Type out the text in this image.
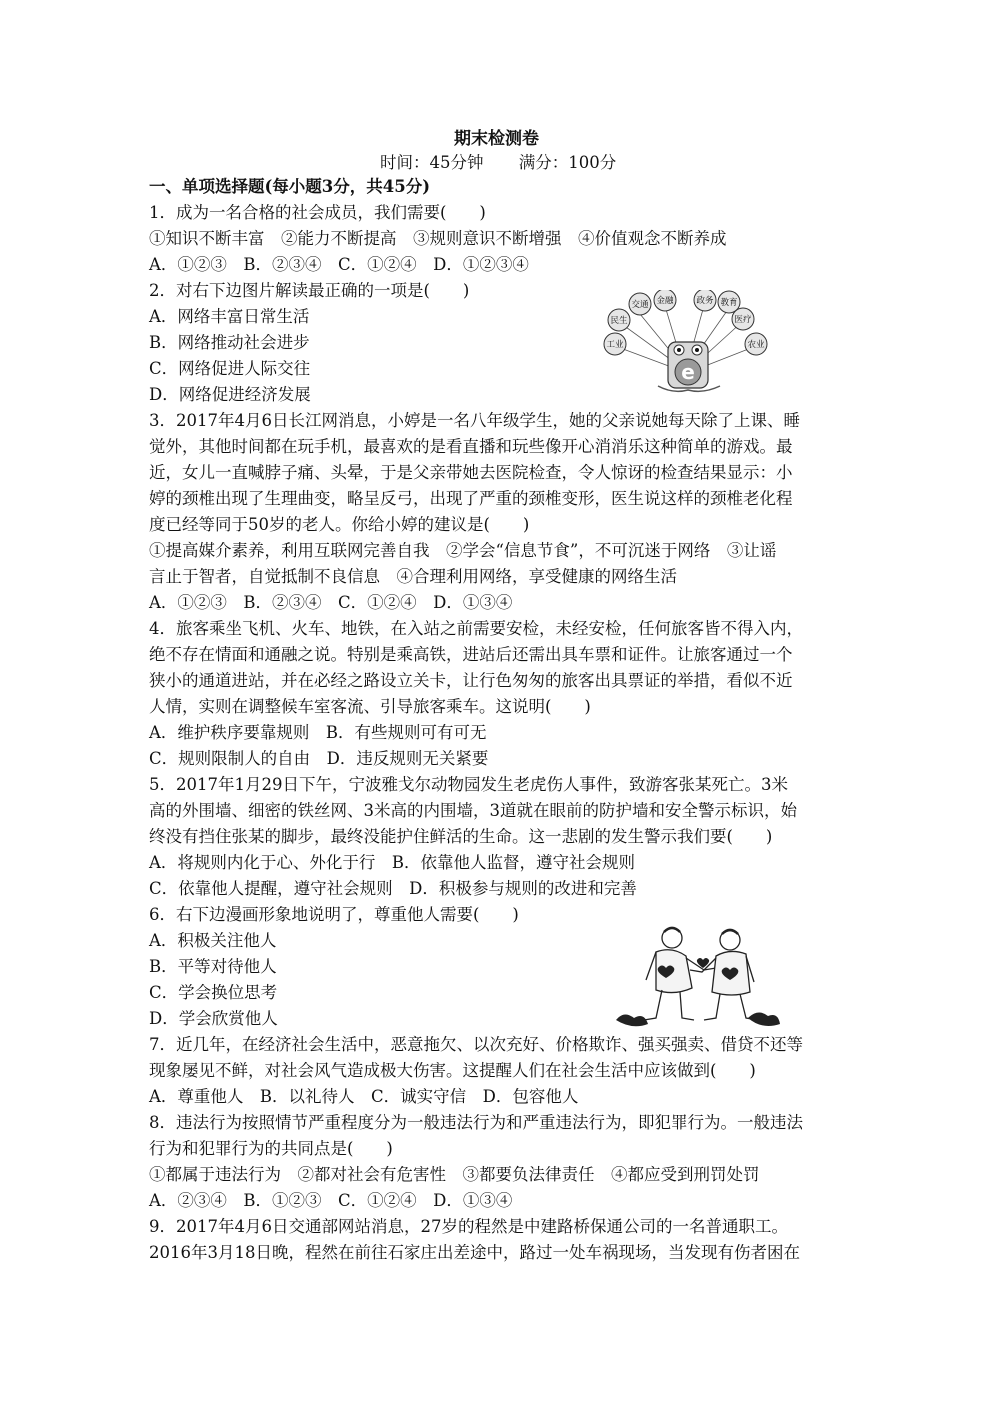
期末检测卷
时间：45分钟 满分：100分
一、单项选择题(每小题3分，共45分)
1．成为一名合格的社会成员，我们需要(　　)
①知识不断丰富　②能力不断提高　③规则意识不断增强　④价值观念不断养成
A．①②③　B．②③④　C．①②④　D．①②③④
2．对右下边图片解读最正确的一项是(　　)
A．网络丰富日常生活
B．网络推动社会进步
C．网络促进人际交往
D．网络促进经济发展
交通 金融	政务 教育
民生	医疗
工业	农业
e
3．2017年4月6日长江网消息，小婷是一名八年级学生，她的父亲说她每天除了上课、睡
觉外，其他时间都在玩手机，最喜欢的是看直播和玩些像开心消消乐这种简单的游戏。最
近，女儿一直喊脖子痛、头晕，于是父亲带她去医院检查，令人惊讶的检查结果显示：小
婷的颈椎出现了生理曲变，略呈反弓，出现了严重的颈椎变形，医生说这样的颈椎老化程
度已经等同于50岁的老人。你给小婷的建议是(　　)
①提高媒介素养，利用互联网完善自我　②学会“信息节食”，不可沉迷于网络　③让谣
言止于智者，自觉抵制不良信息　④合理利用网络，享受健康的网络生活
A．①②③　B．②③④　C．①②④　D．①③④
4．旅客乘坐飞机、火车、地铁，在入站之前需要安检，未经安检，任何旅客皆不得入内，
绝不存在情面和通融之说。特别是乘高铁，进站后还需出具车票和证件。让旅客通过一个
狭小的通道进站，并在必经之路设立关卡，让行色匆匆的旅客出具票证的举措，看似不近
人情，实则在调整候车室客流、引导旅客乘车。这说明(　　)
A．维护秩序要靠规则　B．有些规则可有可无
C．规则限制人的自由　D．违反规则无关紧要
5．2017年1月29日下午，宁波雅戈尔动物园发生老虎伤人事件，致游客张某死亡。3米
高的外围墙、细密的铁丝网、3米高的内围墙，3道就在眼前的防护墙和安全警示标识，始
终没有挡住张某的脚步，最终没能护住鲜活的生命。这一悲剧的发生警示我们要(　　)
A．将规则内化于心、外化于行　B．依靠他人监督，遵守社会规则
C．依靠他人提醒，遵守社会规则　D．积极参与规则的改进和完善
6．右下边漫画形象地说明了，尊重他人需要(　　)
A．积极关注他人
B．平等对待他人
C．学会换位思考
D．学会欣赏他人
7．近几年，在经济社会生活中，恶意拖欠、以次充好、价格欺诈、强买强卖、借贷不还等
现象屡见不鲜，对社会风气造成极大伤害。这提醒人们在社会生活中应该做到(　　)
A．尊重他人　B．以礼待人　C．诚实守信　D．包容他人
8．违法行为按照情节严重程度分为一般违法行为和严重违法行为，即犯罪行为。一般违法
行为和犯罪行为的共同点是(　　)
①都属于违法行为　②都对社会有危害性　③都要负法律责任　④都应受到刑罚处罚
A．②③④　B．①②③　C．①②④　D．①③④
9．2017年4月6日交通部网站消息，27岁的程然是中建路桥保通公司的一名普通职工。
2016年3月18日晚，程然在前往石家庄出差途中，路过一处车祸现场，当发现有伤者困在
